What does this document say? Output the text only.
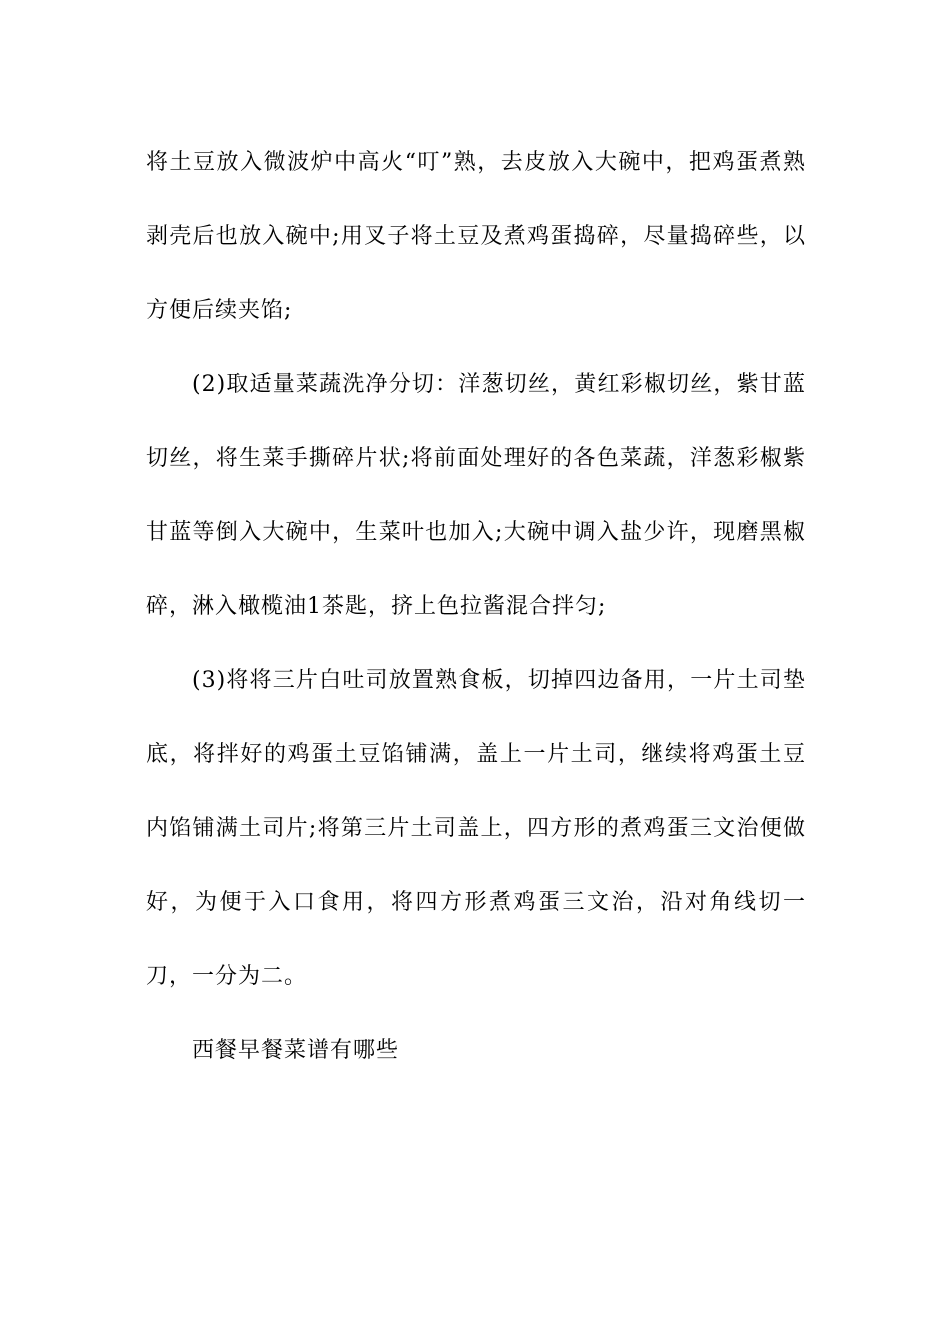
将土豆放入微波炉中高火“叮”熟，去皮放入大碗中，把鸡蛋煮熟剥壳后也放入碗中;用叉子将土豆及煮鸡蛋捣碎，尽量捣碎些，以方便后续夹馅;

(2)取适量菜蔬洗净分切：洋葱切丝，黄红彩椒切丝，紫甘蓝切丝，将生菜手撕碎片状;将前面处理好的各色菜蔬，洋葱彩椒紫甘蓝等倒入大碗中，生菜叶也加入;大碗中调入盐少许，现磨黑椒碎，淋入橄榄油1茶匙，挤上色拉酱混合拌匀;

(3)将将三片白吐司放置熟食板，切掉四边备用，一片土司垫底，将拌好的鸡蛋土豆馅铺满，盖上一片土司，继续将鸡蛋土豆内馅铺满土司片;将第三片土司盖上，四方形的煮鸡蛋三文治便做好，为便于入口食用，将四方形煮鸡蛋三文治，沿对角线切一刀，一分为二。

西餐早餐菜谱有哪些
